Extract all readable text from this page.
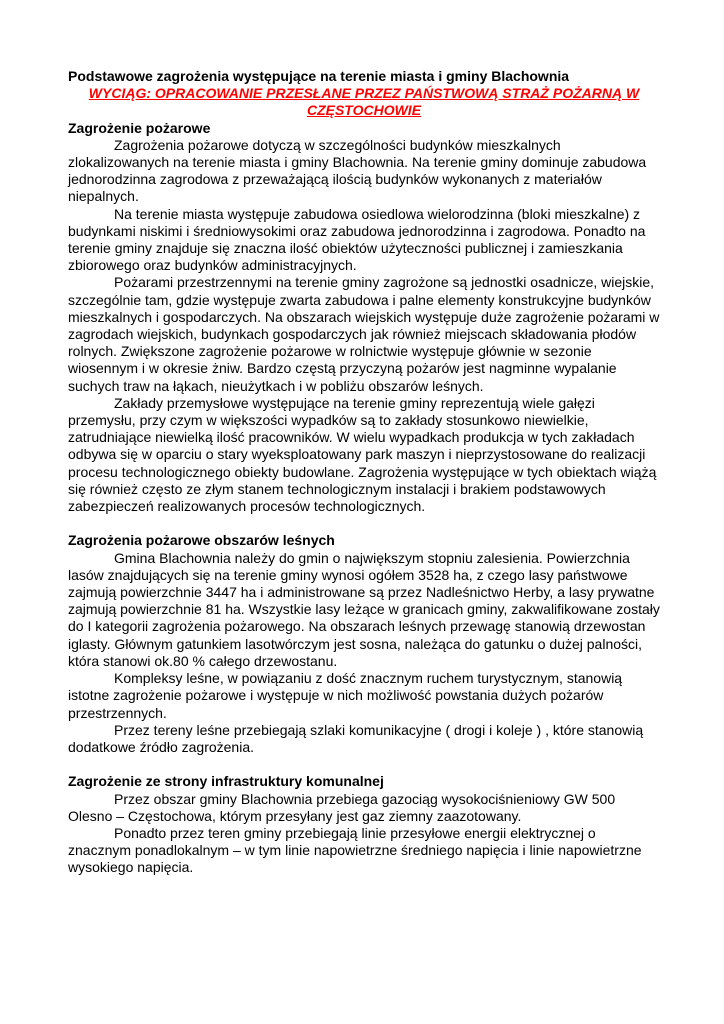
Podstawowe zagrożenia występujące na terenie miasta i gminy Blachownia

WYCIĄG: OPRACOWANIE PRZESŁANE PRZEZ PAŃSTWOWĄ STRAŻ POŻARNĄ W CZĘSTOCHOWIE

Zagrożenie pożarowe

Zagrożenia pożarowe dotyczą w szczególności budynków mieszkalnych zlokalizowanych na terenie miasta i gminy Blachownia. Na terenie gminy dominuje zabudowa jednorodzinna zagrodowa z przeważającą ilością budynków wykonanych z materiałów niepalnych.

Na terenie miasta występuje zabudowa osiedlowa wielorodzinna (bloki mieszkalne) z budynkami niskimi i średniowysokimi oraz zabudowa jednorodzinna i zagrodowa. Ponadto na terenie gminy znajduje się znaczna ilość obiektów użyteczności publicznej i zamieszkania zbiorowego oraz budynków administracyjnych.

Pożarami przestrzennymi na terenie gminy zagrożone są jednostki osadnicze, wiejskie, szczególnie tam, gdzie występuje zwarta zabudowa i palne elementy konstrukcyjne budynków mieszkalnych i gospodarczych. Na obszarach wiejskich występuje duże zagrożenie pożarami w zagrodach wiejskich, budynkach gospodarczych jak również miejscach składowania płodów rolnych. Zwiększone zagrożenie pożarowe w rolnictwie występuje głównie w sezonie wiosennym i w okresie żniw. Bardzo częstą przyczyną pożarów jest nagminne wypalanie suchych traw na łąkach, nieużytkach i w pobliżu obszarów leśnych.

Zakłady przemysłowe występujące na terenie gminy reprezentują wiele gałęzi przemysłu, przy czym w większości wypadków są to zakłady stosunkowo niewielkie, zatrudniające niewielką ilość pracowników. W wielu wypadkach produkcja w tych zakładach odbywa się w oparciu o stary wyeksploatowany park maszyn i nieprzystosowane do realizacji procesu technologicznego obiekty budowlane. Zagrożenia występujące w tych obiektach wiążą się również często ze złym stanem technologicznym instalacji i brakiem podstawowych zabezpieczeń realizowanych procesów technologicznych.

Zagrożenia pożarowe obszarów leśnych

Gmina Blachownia należy do gmin o największym stopniu zalesienia. Powierzchnia lasów znajdujących się na terenie gminy wynosi ogółem 3528 ha, z czego lasy państwowe zajmują powierzchnie 3447 ha i administrowane są przez Nadleśnictwo Herby, a lasy prywatne zajmują powierzchnie 81 ha. Wszystkie lasy leżące w granicach gminy, zakwalifikowane zostały do I kategorii zagrożenia pożarowego. Na obszarach leśnych przewagę stanowią drzewostan iglasty. Głównym gatunkiem lasotwórczym jest sosna, należąca do gatunku o dużej palności, która stanowi ok.80 % całego drzewostanu.

Kompleksy leśne, w powiązaniu z dość znacznym ruchem turystycznym, stanowią istotne zagrożenie pożarowe i występuje w nich możliwość powstania dużych pożarów przestrzennych.

Przez tereny leśne przebiegają szlaki komunikacyjne ( drogi i koleje ) , które stanowią dodatkowe źródło zagrożenia.

Zagrożenie ze strony infrastruktury komunalnej

Przez obszar gminy Blachownia przebiega gazociąg wysokociśnieniowy GW 500 Olesno – Częstochowa, którym przesyłany jest gaz ziemny zaazotowany.

Ponadto przez teren gminy przebiegają linie przesyłowe energii elektrycznej o znacznym ponadlokalnym – w tym linie napowietrzne średniego napięcia i linie napowietrzne wysokiego napięcia.
